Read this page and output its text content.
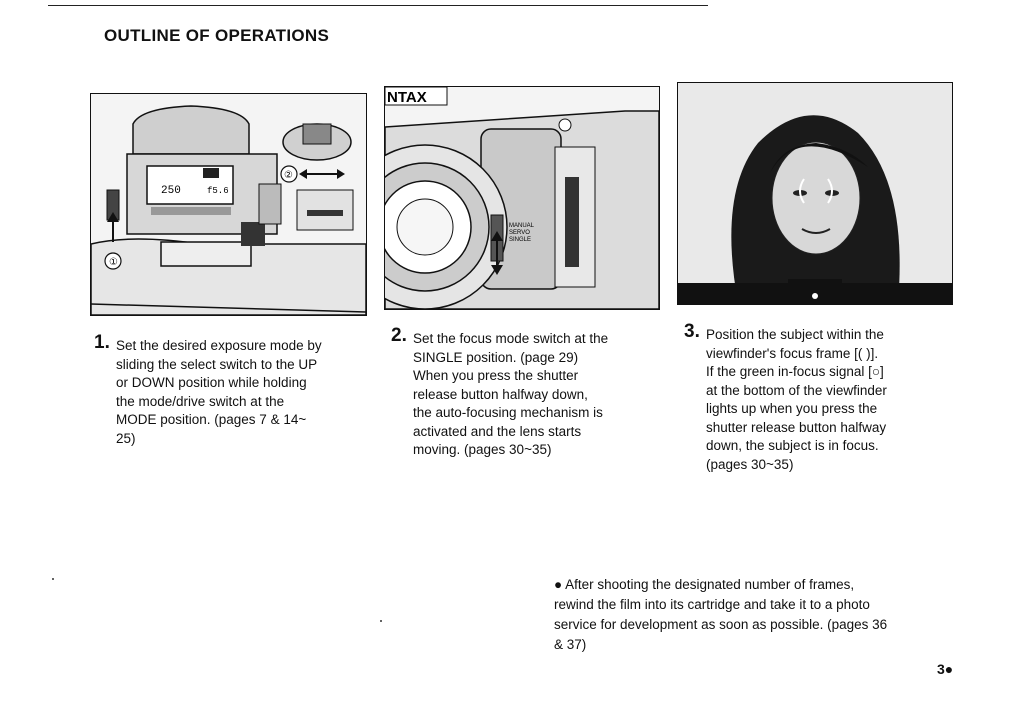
OUTLINE OF OPERATIONS
250	f5.6
①
②
NTAX
MANUAL
SERVO
SINGLE
1. Set the desired exposure mode by
sliding the select switch to the UP
or DOWN position while holding
the mode/drive switch at the
MODE position. (pages 7 & 14~
25)
2. Set the focus mode switch at the
SINGLE position. (page 29)
When you press the shutter
release button halfway down,
the auto-focusing mechanism is
activated and the lens starts
moving. (pages 30~35)
3. Position the subject within the
viewfinder's focus frame [( )].
If the green in-focus signal [○]
at the bottom of the viewfinder
lights up when you press the
shutter release button halfway
down, the subject is in focus.
(pages 30~35)
● After shooting the designated number of frames,
rewind the film into its cartridge and take it to a photo
service for development as soon as possible. (pages 36
& 37)
3●
